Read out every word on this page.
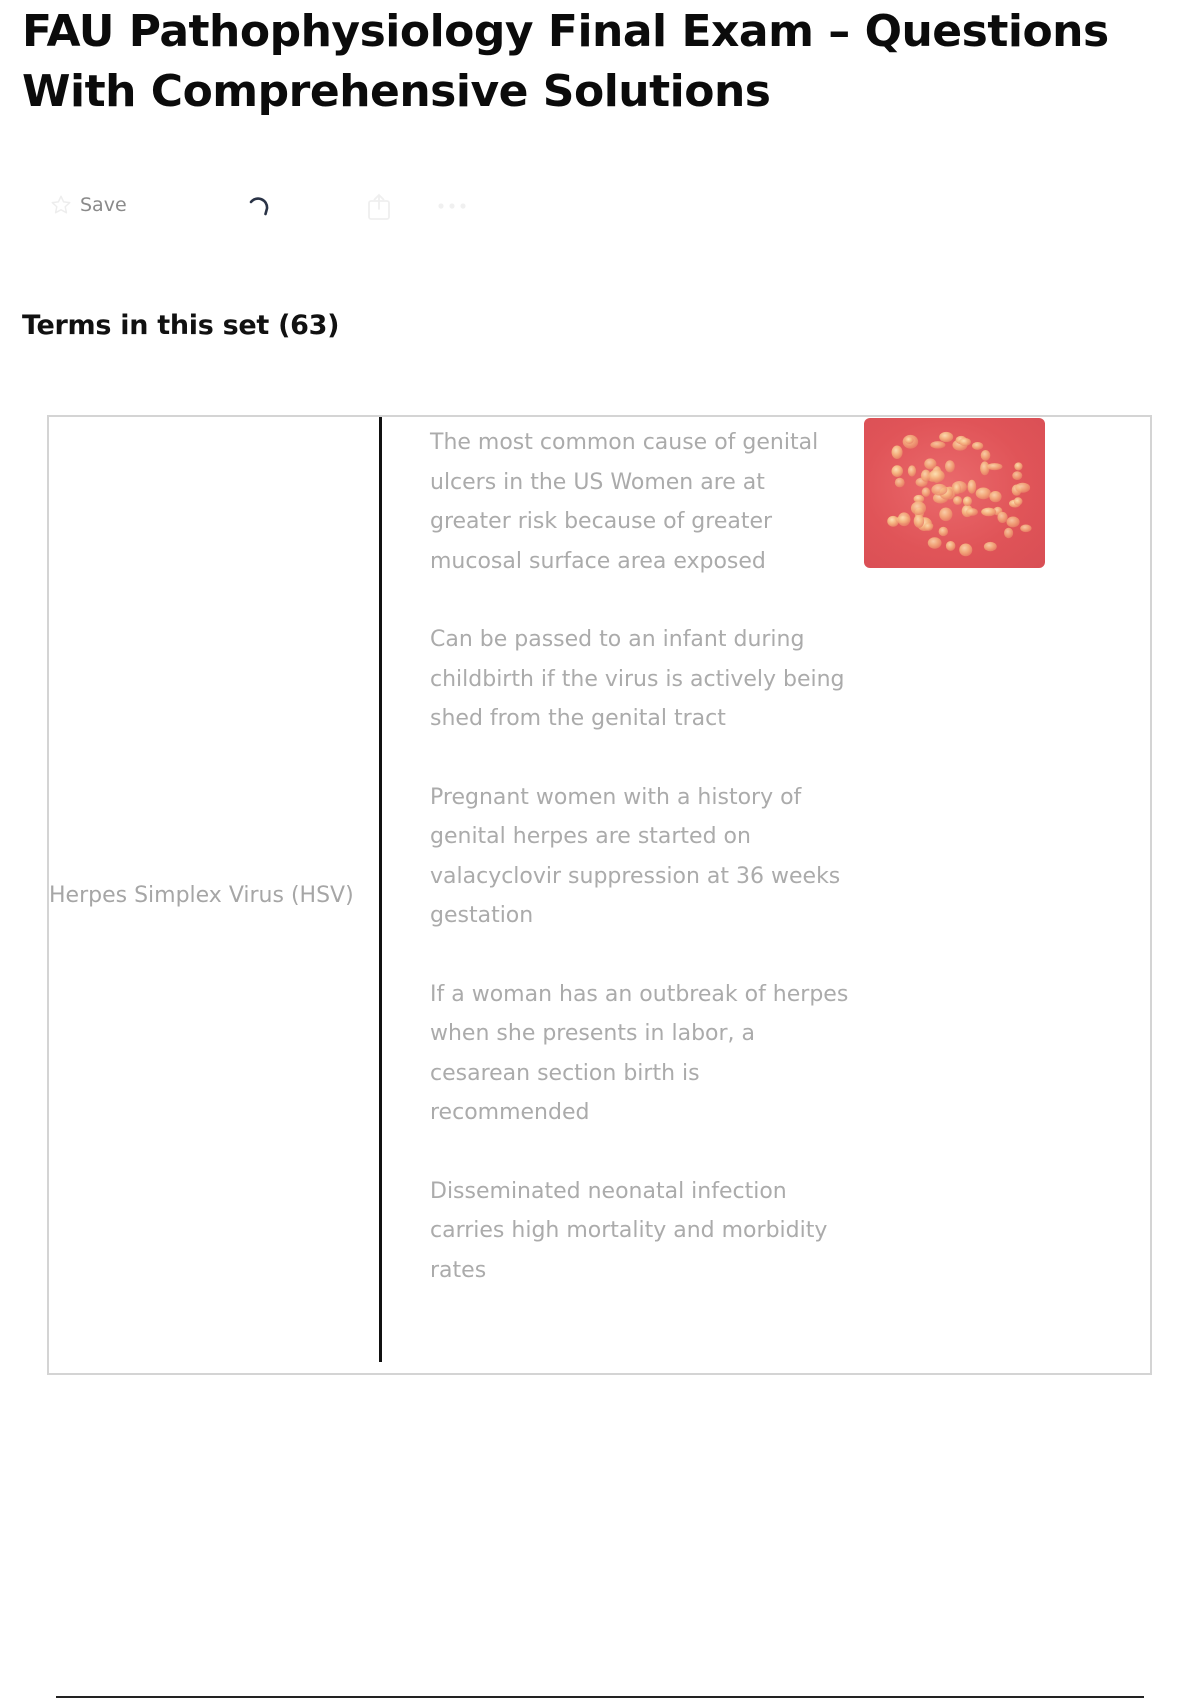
FAU Pathophysiology Final Exam – Questions With Comprehensive Solutions
Save
Terms in this set (63)
Herpes Simplex Virus (HSV)

The most common cause of genital ulcers in the US Women are at greater risk because of greater mucosal surface area exposed

Can be passed to an infant during childbirth if the virus is actively being shed from the genital tract

Pregnant women with a history of genital herpes are started on valacyclovir suppression at 36 weeks gestation

If a woman has an outbreak of herpes when she presents in labor, a cesarean section birth is recommended

Disseminated neonatal infection carries high mortality and morbidity rates
